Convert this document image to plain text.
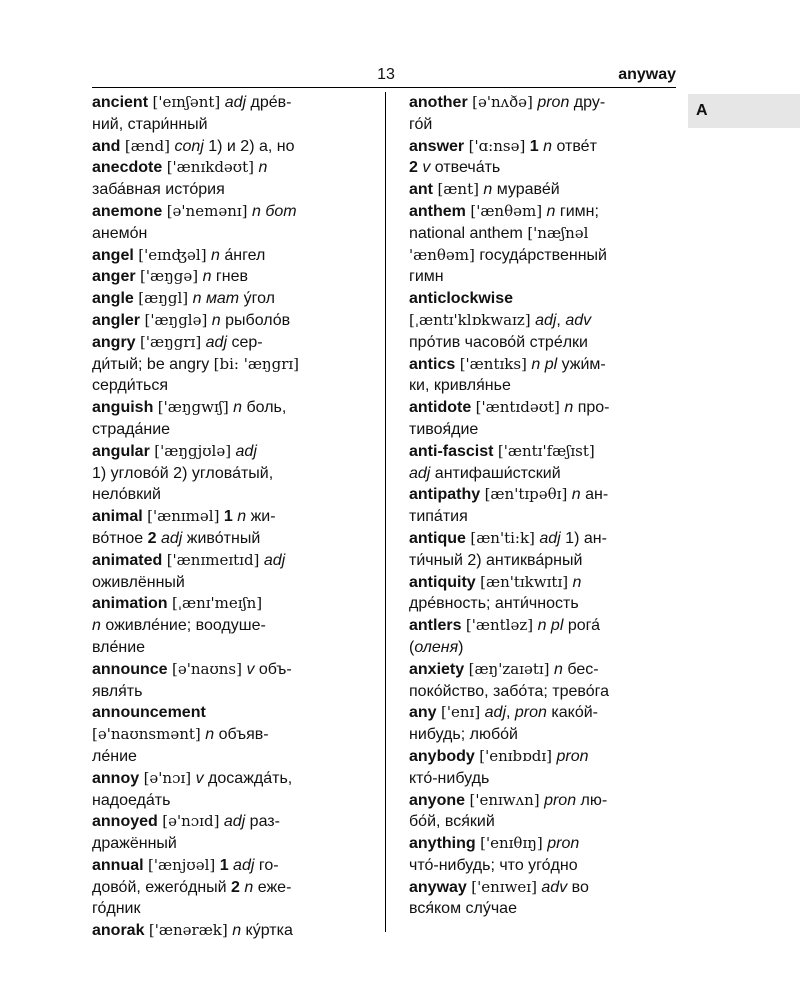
13	anyway
A
ancient ['eɪnʃənt] adj дре́в-
ний, стари́нный
and [ænd] conj 1) и 2) а, но
anecdote ['ænɪkdəʊt] n
заба́вная исто́рия
anemone [ə'nemənɪ] n бот
анемо́н
angel ['eɪnʤəl] n а́нгел
anger ['æŋgə] n гнев
angle [æŋgl] n мат у́гол
angler ['æŋglə] n рыболо́в
angry ['æŋgrɪ] adj сер-
ди́тый; be angry [bi: 'æŋgrɪ]
серди́ться
anguish ['æŋgwɪʃ] n боль,
страда́ние
angular ['æŋgjʊlə] adj
1) углово́й 2) углова́тый,
нело́вкий
animal ['ænɪməl] 1 n жи-
во́тное 2 adj живо́тный
animated ['ænɪmeɪtɪd] adj
оживлённый
animation [ˌænɪ'meɪʃn]
n оживле́ние; воодуше-
вле́ние
announce [ə'naʊns] v объ-
явля́ть
announcement
[ə'naʊnsmənt] n объяв-
ле́ние
annoy [ə'nɔɪ] v досажда́ть,
надоеда́ть
annoyed [ə'nɔɪd] adj раз-
дражённый
annual ['ænjʊəl] 1 adj го-
дово́й, ежего́дный 2 n еже-
го́дник
anorak ['ænəræk] n ку́ртка
another [ə'nʌðə] pron дру-
го́й
answer ['ɑ:nsə] 1 n отве́т
2 v отвеча́ть
ant [ænt] n мураве́й
anthem ['ænθəm] n гимн;
national anthem ['næʃnəl
'ænθəm] госуда́рственный
гимн
anticlockwise
[ˌæntɪ'klɒkwaɪz] adj, adv
про́тив часово́й стре́лки
antics ['æntɪks] n pl ужи́м-
ки, кривля́нье
antidote ['æntɪdəʊt] n про-
тивоя́дие
anti-fascist ['æntɪ'fæʃɪst]
adj антифаши́стский
antipathy [æn'tɪpəθɪ] n ан-
типа́тия
antique [æn'ti:k] adj 1) ан-
ти́чный 2) антиква́рный
antiquity [æn'tɪkwɪtɪ] n
дре́вность; анти́чность
antlers ['æntləz] n pl рога́
(оленя)
anxiety [æŋ'zaɪətɪ] n бес-
поко́йство, забо́та; трево́га
any ['enɪ] adj, pron како́й-
нибудь; любо́й
anybody ['enɪbɒdɪ] pron
кто́-нибудь
anyone ['enɪwʌn] pron лю-
бо́й, вся́кий
anything ['enɪθɪŋ] pron
что́-нибудь; что уго́дно
anyway ['enɪweɪ] adv во
вся́ком слу́чае
